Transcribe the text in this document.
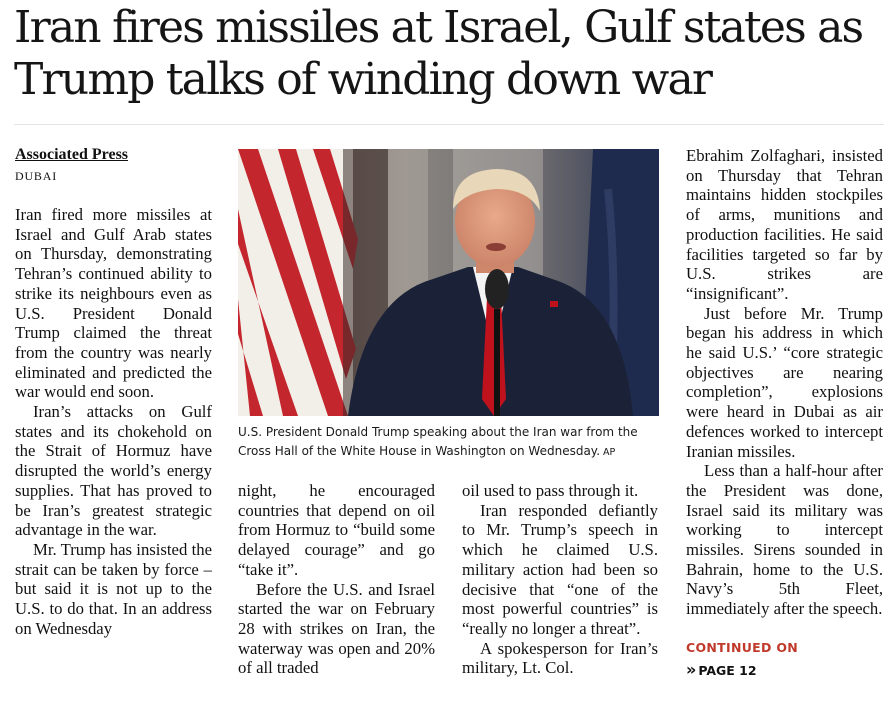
Iran fires missiles at Israel, Gulf states as Trump talks of winding down war
Associated Press
DUBAI

Iran fired more missiles at Israel and Gulf Arab states on Thursday, demonstrating Tehran’s continued ability to strike its neighbours even as U.S. President Donald Trump claimed the threat from the country was nearly eliminated and predicted the war would end soon.

Iran’s attacks on Gulf states and its chokehold on the Strait of Hormuz have disrupted the world’s energy supplies. That has proved to be Iran’s greatest strategic advantage in the war.

Mr. Trump has insisted the strait can be taken by force – but said it is not up to the U.S. to do that. In an address on Wednesday

U.S. President Donald Trump speaking about the Iran war from the Cross Hall of the White House in Washington on Wednesday. AP

night, he encouraged countries that depend on oil from Hormuz to “build some delayed courage” and go “take it”.

Before the U.S. and Israel started the war on February 28 with strikes on Iran, the waterway was open and 20% of all traded

oil used to pass through it.

Iran responded defiantly to Mr. Trump’s speech in which he claimed U.S. military action had been so decisive that “one of the most powerful countries” is “really no longer a threat”.

A spokesperson for Iran’s military, Lt. Col.

Ebrahim Zolfaghari, insisted on Thursday that Tehran maintains hidden stockpiles of arms, munitions and production facilities. He said facilities targeted so far by U.S. strikes are “insignificant”.

Just before Mr. Trump began his address in which he said U.S.’ “core strategic objectives are nearing completion”, explosions were heard in Dubai as air defences worked to intercept Iranian missiles.

Less than a half-hour after the President was done, Israel said its military was working to intercept missiles. Sirens sounded in Bahrain, home to the U.S. Navy’s 5th Fleet, immediately after the speech.

CONTINUED ON
» PAGE 12
